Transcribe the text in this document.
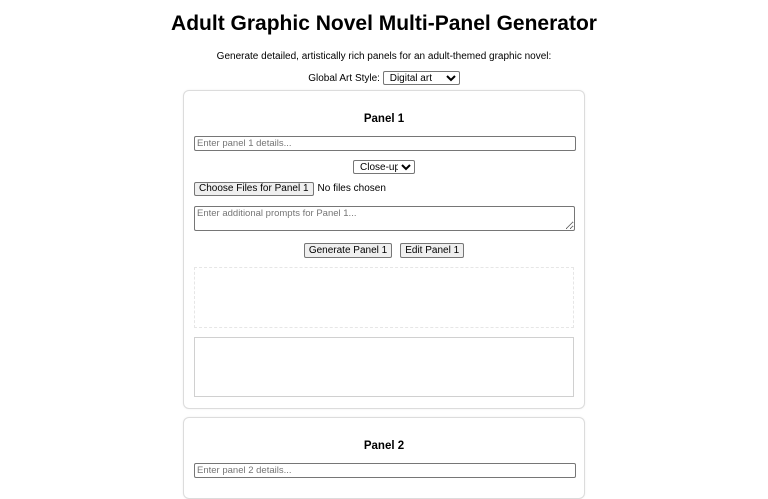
Adult Graphic Novel Multi-Panel Generator
Generate detailed, artistically rich panels for an adult-themed graphic novel:
Global Art Style:
Digital art
Panel 1
Enter panel 1 details...
Close-up
Choose Files for Panel 1 No files chosen
Enter additional prompts for Panel 1...
Generate Panel 1 Edit Panel 1
Panel 2
Enter panel 2 details...
